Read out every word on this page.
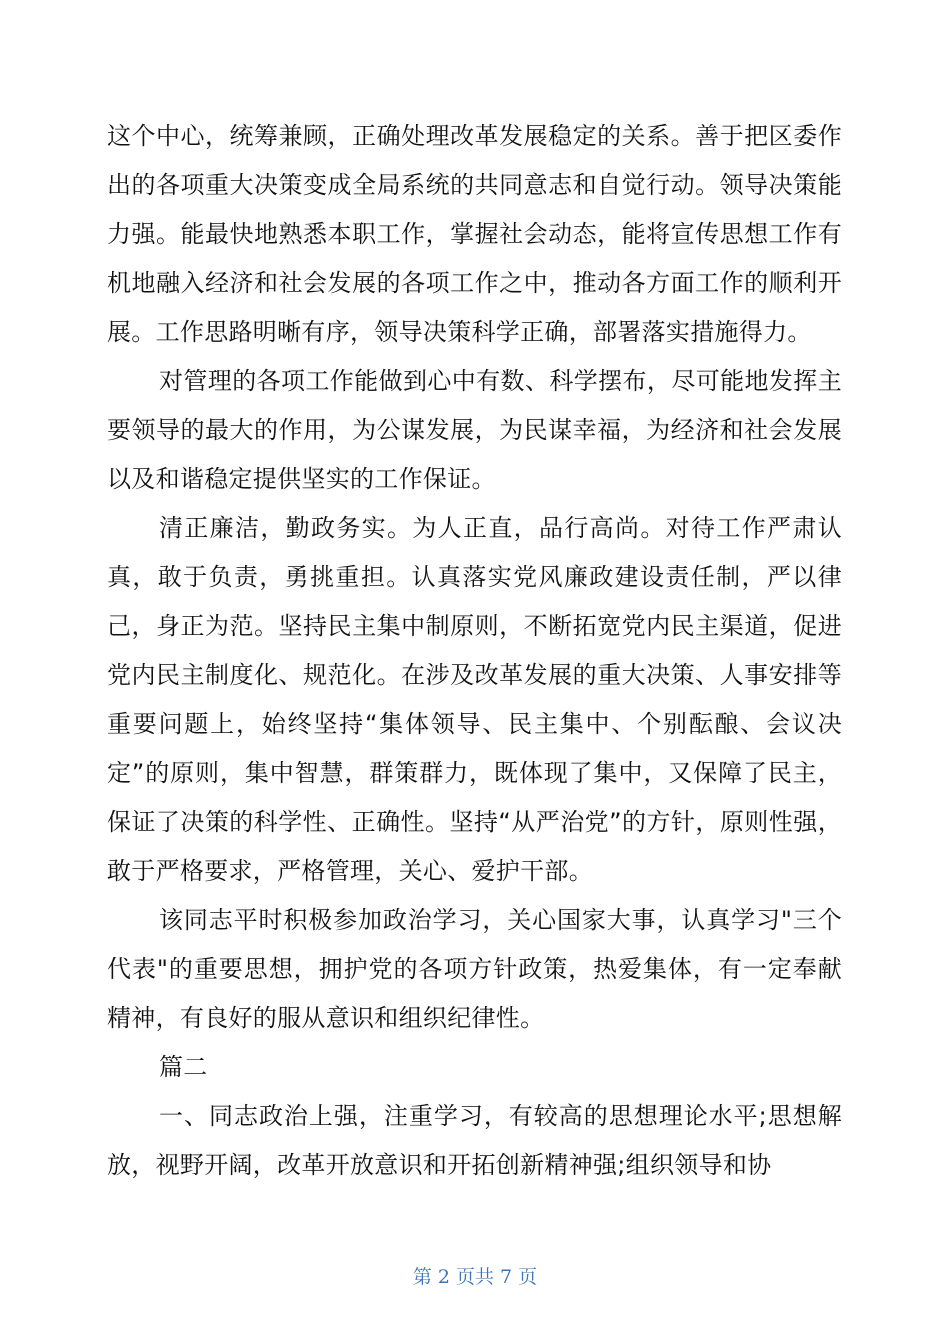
这个中心，统筹兼顾，正确处理改革发展稳定的关系。善于把区委作出的各项重大决策变成全局系统的共同意志和自觉行动。领导决策能力强。能最快地熟悉本职工作，掌握社会动态，能将宣传思想工作有机地融入经济和社会发展的各项工作之中，推动各方面工作的顺利开展。工作思路明晰有序，领导决策科学正确，部署落实措施得力。

对管理的各项工作能做到心中有数、科学摆布，尽可能地发挥主要领导的最大的作用，为公谋发展，为民谋幸福，为经济和社会发展以及和谐稳定提供坚实的工作保证。

清正廉洁，勤政务实。为人正直，品行高尚。对待工作严肃认真，敢于负责，勇挑重担。认真落实党风廉政建设责任制，严以律己，身正为范。坚持民主集中制原则，不断拓宽党内民主渠道，促进党内民主制度化、规范化。在涉及改革发展的重大决策、人事安排等重要问题上，始终坚持“集体领导、民主集中、个别酝酿、会议决定”的原则，集中智慧，群策群力，既体现了集中，又保障了民主，保证了决策的科学性、正确性。坚持“从严治党”的方针，原则性强，敢于严格要求，严格管理，关心、爱护干部。

该同志平时积极参加政治学习，关心国家大事，认真学习"三个代表"的重要思想，拥护党的各项方针政策，热爱集体，有一定奉献精神，有良好的服从意识和组织纪律性。

篇二

一、同志政治上强，注重学习，有较高的思想理论水平;思想解放，视野开阔，改革开放意识和开拓创新精神强;组织领导和协

第 2 页共 7 页
